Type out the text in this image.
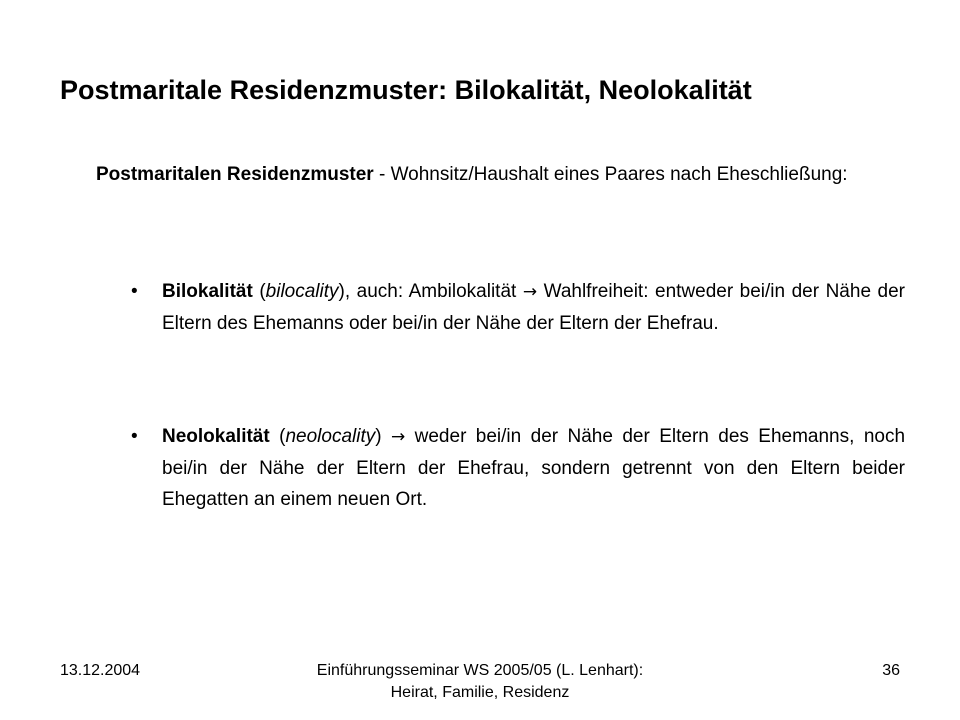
Postmaritale Residenzmuster: Bilokalität, Neolokalität

Postmaritalen Residenzmuster - Wohnsitz/Haushalt eines Paares nach Eheschließung:

•	Bilokalität (bilocality), auch: Ambilokalität → Wahlfreiheit: entweder bei/in der Nähe der Eltern des Ehemanns oder bei/in der Nähe der Eltern der Ehefrau.
•	Neolokalität (neolocality) → weder bei/in der Nähe der Eltern des Ehemanns, noch bei/in der Nähe der Eltern der Ehefrau, sondern getrennt von den Eltern beider Ehegatten an einem neuen Ort.
13.12.2004	Einführungsseminar WS 2005/05 (L. Lenhart):
Heirat, Familie, Residenz
36
